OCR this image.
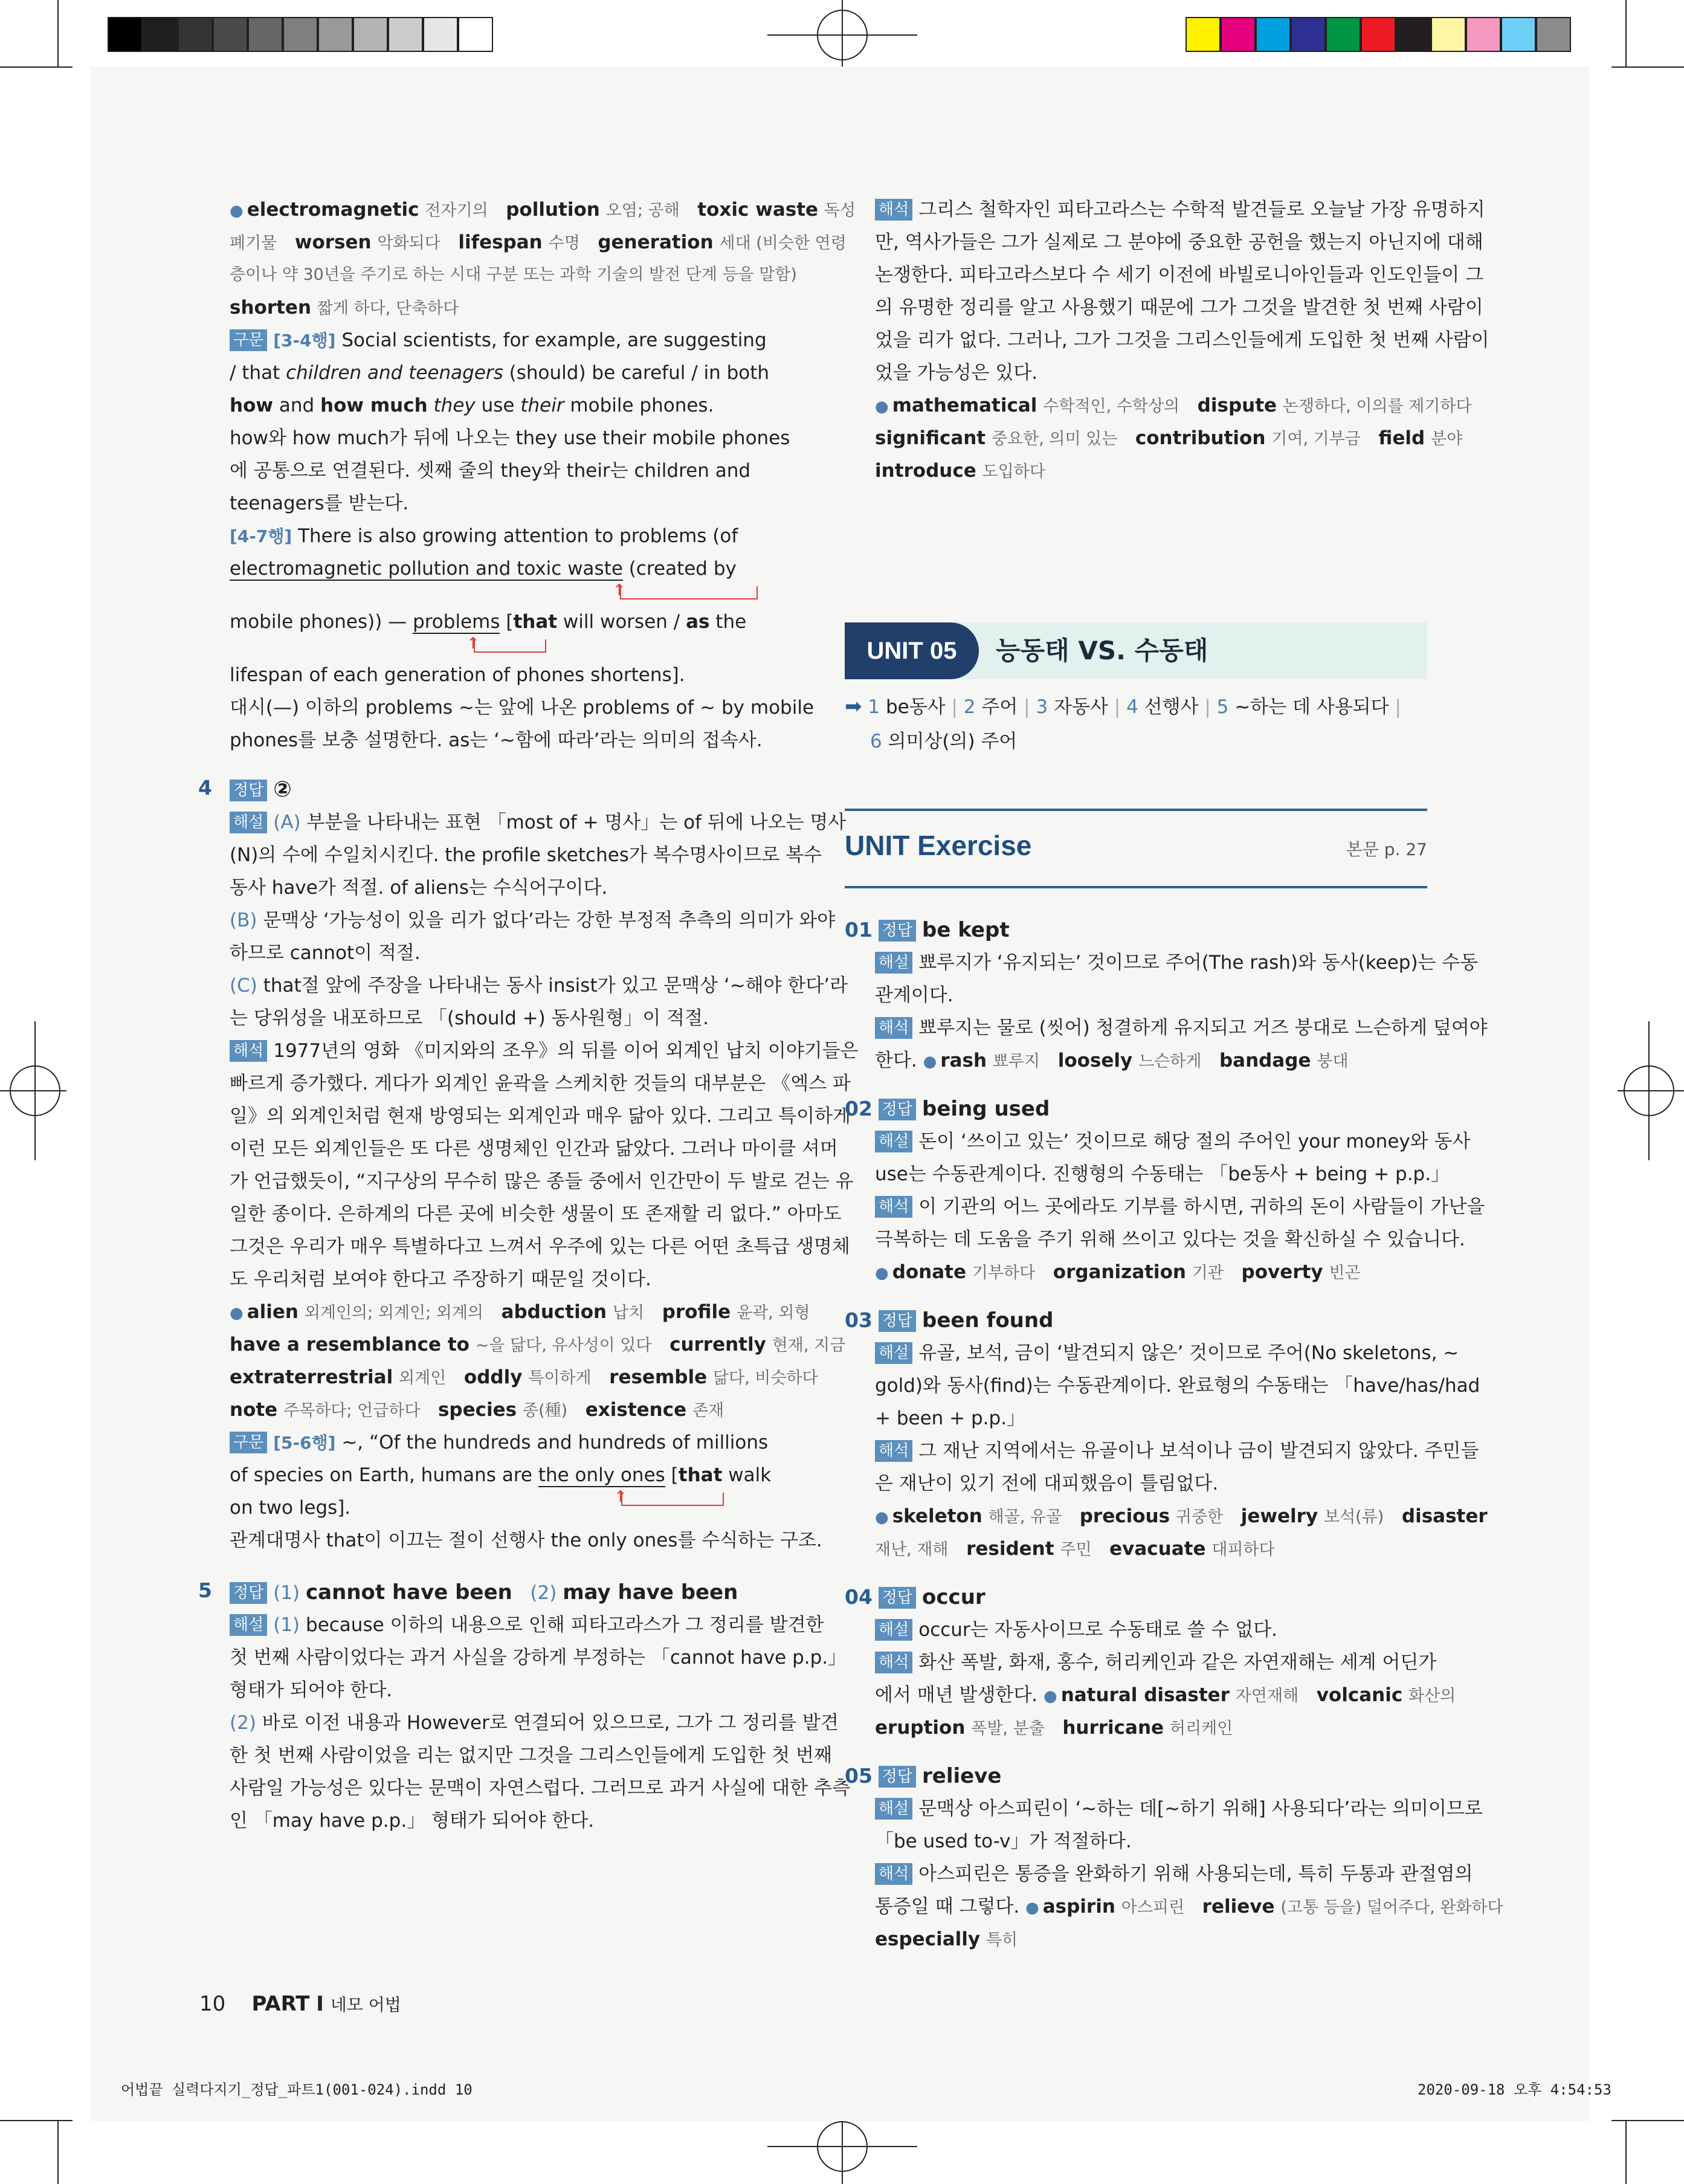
● electromagnetic 전자기의 pollution 오염; 공해 toxic waste 독성
폐기물 worsen 악화되다 lifespan 수명 generation 세대 (비슷한 연령
층이나 약 30년을 주기로 하는 시대 구분 또는 과학 기술의 발전 단계 등을 말함)
shorten 짧게 하다, 단축하다
구문 [3-4행] Social scientists, for example, are suggesting
/ that children and teenagers (should) be careful / in both
how and how much they use their mobile phones.
how와 how much가 뒤에 나오는 they use their mobile phones
에 공통으로 연결된다. 셋째 줄의 they와 their는 children and
teenagers를 받는다.
[4-7행] There is also growing attention to problems (of
electromagnetic pollution and toxic waste (created by
↑
mobile phones)) — problems [that will worsen / as the
↑
lifespan of each generation of phones shortens].
대시(—) 이하의 problems ~는 앞에 나온 problems of ~ by mobile
phones를 보충 설명한다. as는 ‘~함에 따라’라는 의미의 접속사.
4 정답 ②
해설 (A) 부분을 나타내는 표현 「most of + 명사」는 of 뒤에 나오는 명사
(N)의 수에 수일치시킨다. the profile sketches가 복수명사이므로 복수
동사 have가 적절. of aliens는 수식어구이다.
(B) 문맥상 ‘가능성이 있을 리가 없다’라는 강한 부정적 추측의 의미가 와야
하므로 cannot이 적절.
(C) that절 앞에 주장을 나타내는 동사 insist가 있고 문맥상 ‘~해야 한다’라
는 당위성을 내포하므로 「(should +) 동사원형」이 적절.
해석 1977년의 영화 《미지와의 조우》의 뒤를 이어 외계인 납치 이야기들은
빠르게 증가했다. 게다가 외계인 윤곽을 스케치한 것들의 대부분은 《엑스 파
일》의 외계인처럼 현재 방영되는 외계인과 매우 닮아 있다. 그리고 특이하게
이런 모든 외계인들은 또 다른 생명체인 인간과 닮았다. 그러나 마이클 셔머
가 언급했듯이, “지구상의 무수히 많은 종들 중에서 인간만이 두 발로 걷는 유
일한 종이다. 은하계의 다른 곳에 비슷한 생물이 또 존재할 리 없다.” 아마도
그것은 우리가 매우 특별하다고 느껴서 우주에 있는 다른 어떤 초특급 생명체
도 우리처럼 보여야 한다고 주장하기 때문일 것이다.
● alien 외계인의; 외계인; 외계의 abduction 납치 profile 윤곽, 외형
have a resemblance to ~을 닮다, 유사성이 있다 currently 현재, 지금
extraterrestrial 외계인 oddly 특이하게 resemble 닮다, 비슷하다
note 주목하다; 언급하다 species 종(種) existence 존재
구문 [5-6행] ~, “Of the hundreds and hundreds of millions
of species on Earth, humans are the only ones [that walk
↑
on two legs].
관계대명사 that이 이끄는 절이 선행사 the only ones를 수식하는 구조.
5 정답 (1) cannot have been (2) may have been
해설 (1) because 이하의 내용으로 인해 피타고라스가 그 정리를 발견한
첫 번째 사람이었다는 과거 사실을 강하게 부정하는 「cannot have p.p.」
형태가 되어야 한다.
(2) 바로 이전 내용과 However로 연결되어 있으므로, 그가 그 정리를 발견
한 첫 번째 사람이었을 리는 없지만 그것을 그리스인들에게 도입한 첫 번째
사람일 가능성은 있다는 문맥이 자연스럽다. 그러므로 과거 사실에 대한 추측
인 「may have p.p.」 형태가 되어야 한다.
해석 그리스 철학자인 피타고라스는 수학적 발견들로 오늘날 가장 유명하지
만, 역사가들은 그가 실제로 그 분야에 중요한 공헌을 했는지 아닌지에 대해
논쟁한다. 피타고라스보다 수 세기 이전에 바빌로니아인들과 인도인들이 그
의 유명한 정리를 알고 사용했기 때문에 그가 그것을 발견한 첫 번째 사람이
었을 리가 없다. 그러나, 그가 그것을 그리스인들에게 도입한 첫 번째 사람이
었을 가능성은 있다.
● mathematical 수학적인, 수학상의 dispute 논쟁하다, 이의를 제기하다
significant 중요한, 의미 있는 contribution 기여, 기부금 field 분야
introduce 도입하다
UNIT 05	능동태 VS. 수동태
➡ 1 be동사 | 2 주어 | 3 자동사 | 4 선행사 | 5 ~하는 데 사용되다 |
6 의미상(의) 주어
UNIT Exercise	본문 p. 27
01 정답 be kept
해설 뾰루지가 ‘유지되는’ 것이므로 주어(The rash)와 동사(keep)는 수동
관계이다.
해석 뾰루지는 물로 (씻어) 청결하게 유지되고 거즈 붕대로 느슨하게 덮여야
한다. ● rash 뾰루지 loosely 느슨하게 bandage 붕대
02 정답 being used
해설 돈이 ‘쓰이고 있는’ 것이므로 해당 절의 주어인 your money와 동사
use는 수동관계이다. 진행형의 수동태는 「be동사 + being + p.p.」
해석 이 기관의 어느 곳에라도 기부를 하시면, 귀하의 돈이 사람들이 가난을
극복하는 데 도움을 주기 위해 쓰이고 있다는 것을 확신하실 수 있습니다.
● donate 기부하다 organization 기관 poverty 빈곤
03 정답 been found
해설 유골, 보석, 금이 ‘발견되지 않은’ 것이므로 주어(No skeletons, ~
gold)와 동사(find)는 수동관계이다. 완료형의 수동태는 「have/has/had
+ been + p.p.」
해석 그 재난 지역에서는 유골이나 보석이나 금이 발견되지 않았다. 주민들
은 재난이 있기 전에 대피했음이 틀림없다.
● skeleton 해골, 유골 precious 귀중한 jewelry 보석(류) disaster
재난, 재해 resident 주민 evacuate 대피하다
04 정답 occur
해설 occur는 자동사이므로 수동태로 쓸 수 없다.
해석 화산 폭발, 화재, 홍수, 허리케인과 같은 자연재해는 세계 어딘가
에서 매년 발생한다. ● natural disaster 자연재해 volcanic 화산의
eruption 폭발, 분출 hurricane 허리케인
05 정답 relieve
해설 문맥상 아스피린이 ‘~하는 데[~하기 위해] 사용되다’라는 의미이므로
「be used to-v」가 적절하다.
해석 아스피린은 통증을 완화하기 위해 사용되는데, 특히 두통과 관절염의
통증일 때 그렇다. ● aspirin 아스피린 relieve (고통 등을) 덜어주다, 완화하다
especially 특히
10 PART I 네모 어법
어법끝 실력다지기_정답_파트1(001-024).indd 10	2020-09-18 오후 4:54:53
